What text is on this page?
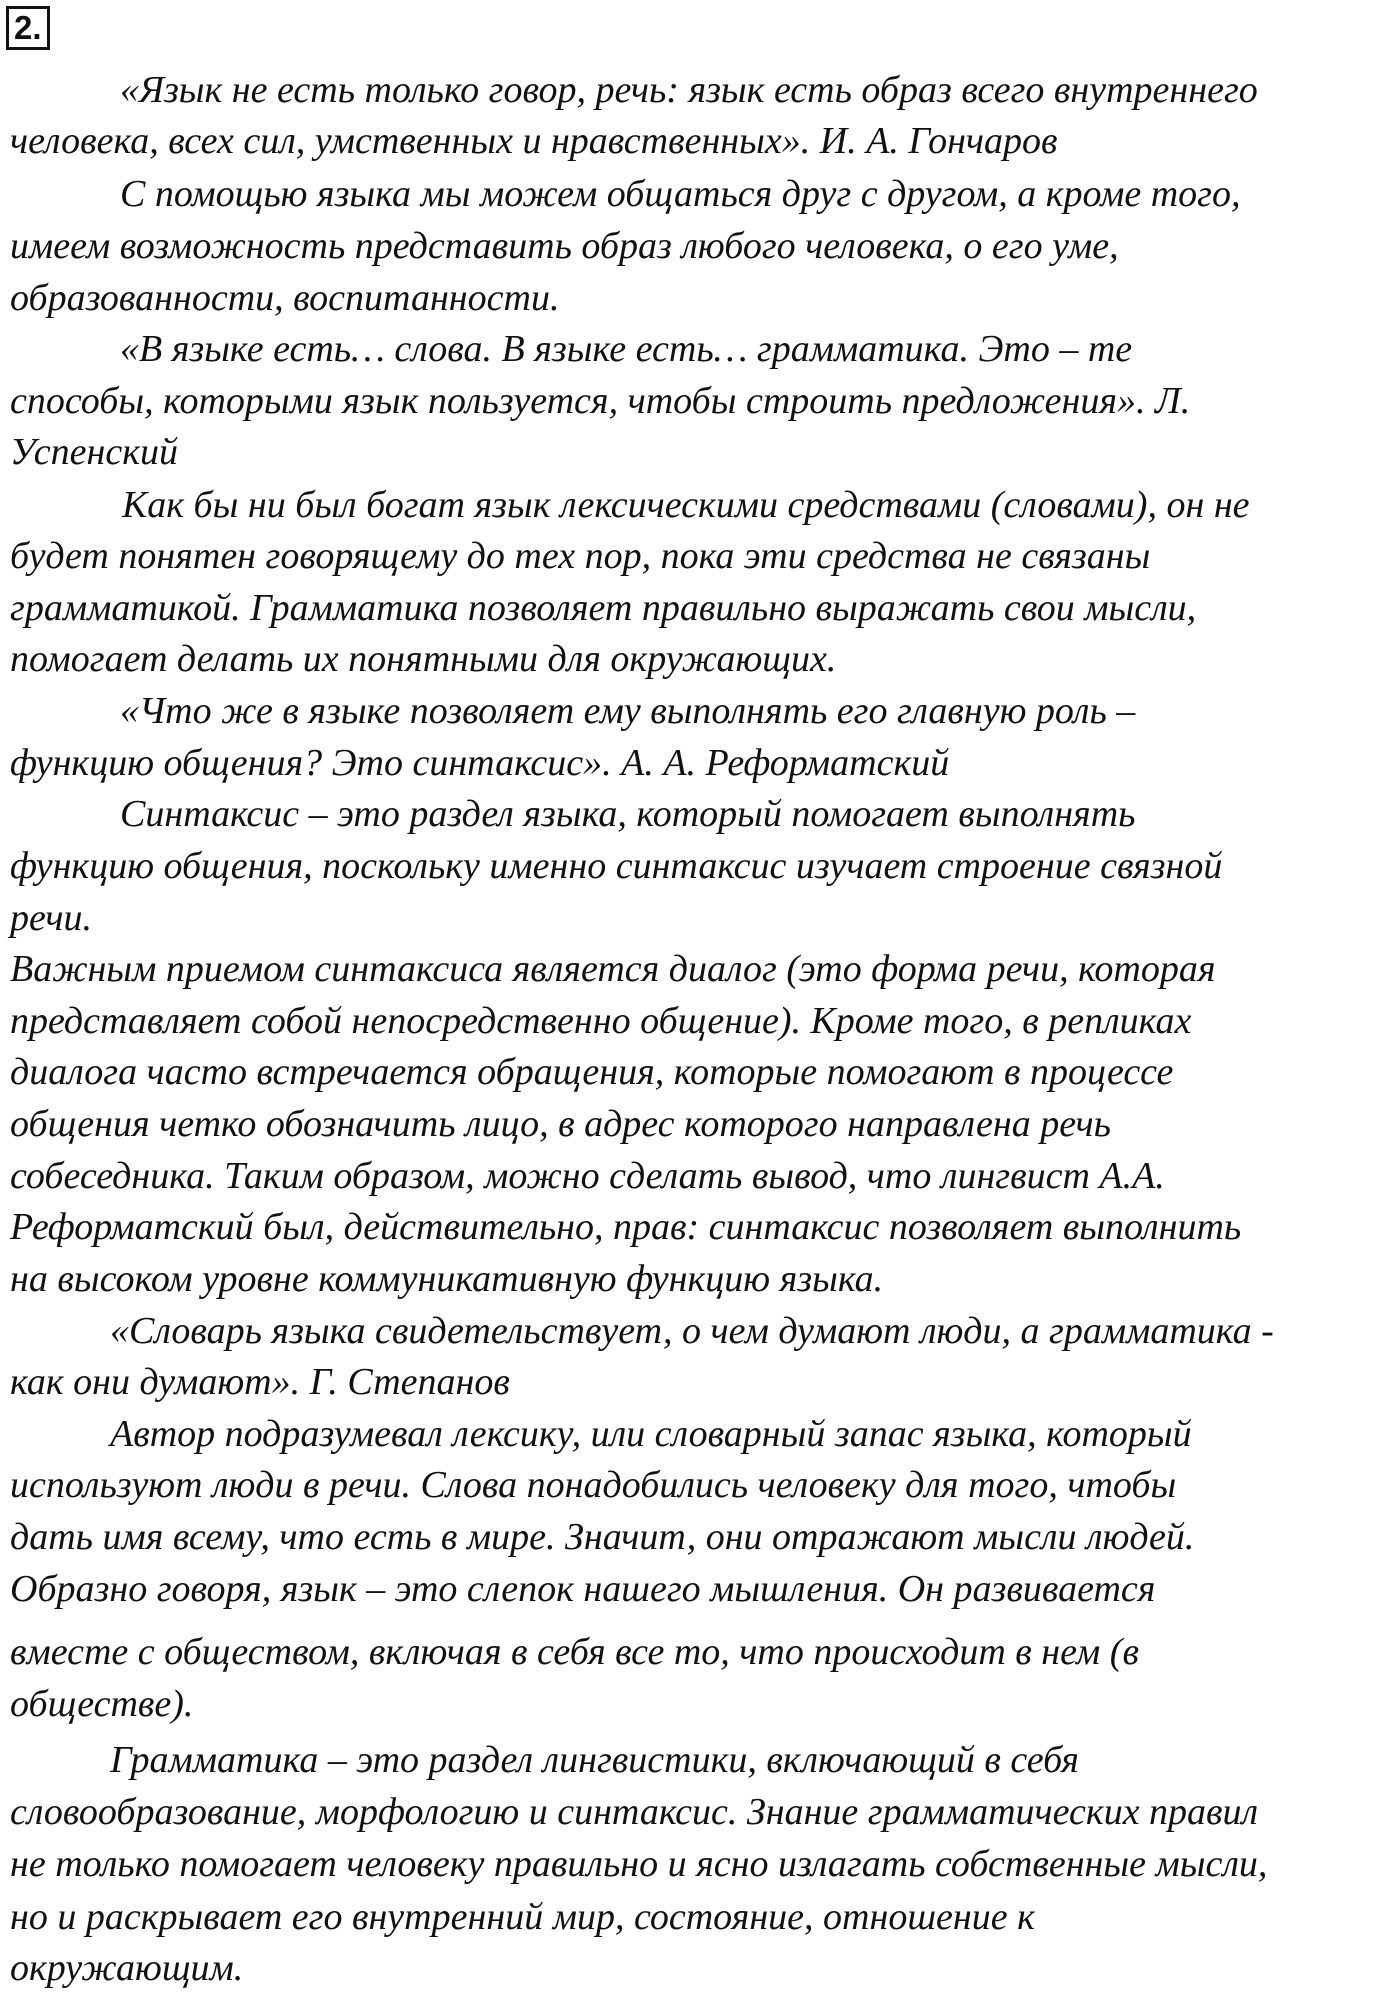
2.
«Язык не есть только говор, речь: язык есть образ всего внутреннего
человека, всех сил, умственных и нравственных». И. А. Гончаров
С помощью языка мы можем общаться друг с другом, а кроме того,
имеем возможность представить образ любого человека, о его уме,
образованности, воспитанности.
«В языке есть… слова. В языке есть… грамматика. Это – те
способы, которыми язык пользуется, чтобы строить предложения». Л.
Успенский
Как бы ни был богат язык лексическими средствами (словами), он не
будет понятен говорящему до тех пор, пока эти средства не связаны
грамматикой. Грамматика позволяет правильно выражать свои мысли,
помогает делать их понятными для окружающих.
«Что же в языке позволяет ему выполнять его главную роль –
функцию общения? Это синтаксис». А. А. Реформатский
Синтаксис – это раздел языка, который помогает выполнять
функцию общения, поскольку именно синтаксис изучает строение связной
речи.
Важным приемом синтаксиса является диалог (это форма речи, которая
представляет собой непосредственно общение). Кроме того, в репликах
диалога часто встречается обращения, которые помогают в процессе
общения четко обозначить лицо, в адрес которого направлена речь
собеседника. Таким образом, можно сделать вывод, что лингвист А.А.
Реформатский был, действительно, прав: синтаксис позволяет выполнить
на высоком уровне коммуникативную функцию языка.
«Словарь языка свидетельствует, о чем думают люди, а грамматика -
как они думают». Г. Степанов
Автор подразумевал лексику, или словарный запас языка, который
используют люди в речи. Слова понадобились человеку для того, чтобы
дать имя всему, что есть в мире. Значит, они отражают мысли людей.
Образно говоря, язык – это слепок нашего мышления. Он развивается
вместе с обществом, включая в себя все то, что происходит в нем (в
обществе).
Грамматика – это раздел лингвистики, включающий в себя
словообразование, морфологию и синтаксис. Знание грамматических правил
не только помогает человеку правильно и ясно излагать собственные мысли,
но и раскрывает его внутренний мир, состояние, отношение к
окружающим.
